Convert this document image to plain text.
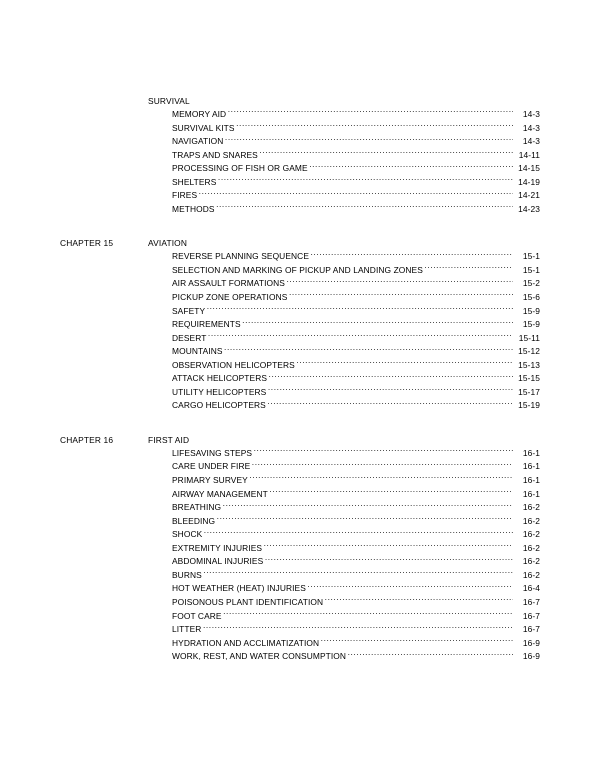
SURVIVAL
MEMORY AID .....	14-3
SURVIVAL KITS .....	14-3
NAVIGATION .....	14-3
TRAPS AND SNARES .....	14-11
PROCESSING OF FISH OR GAME .....	14-15
SHELTERS .....	14-19
FIRES .....	14-21
METHODS .....	14-23
CHAPTER 15	AVIATION
REVERSE PLANNING SEQUENCE .....	15-1
SELECTION AND MARKING OF PICKUP AND LANDING ZONES .....	15-1
AIR ASSAULT FORMATIONS .....	15-2
PICKUP ZONE OPERATIONS .....	15-6
SAFETY .....	15-9
REQUIREMENTS .....	15-9
DESERT .....	15-11
MOUNTAINS .....	15-12
OBSERVATION HELICOPTERS .....	15-13
ATTACK HELICOPTERS .....	15-15
UTILITY HELICOPTERS .....	15-17
CARGO HELICOPTERS .....	15-19
CHAPTER 16	FIRST AID
LIFESAVING STEPS .....	16-1
CARE UNDER FIRE .....	16-1
PRIMARY SURVEY .....	16-1
AIRWAY MANAGEMENT .....	16-1
BREATHING .....	16-2
BLEEDING .....	16-2
SHOCK .....	16-2
EXTREMITY INJURIES .....	16-2
ABDOMINAL INJURIES .....	16-2
BURNS .....	16-2
HOT WEATHER (HEAT) INJURIES .....	16-4
POISONOUS PLANT IDENTIFICATION .....	16-7
FOOT CARE .....	16-7
LITTER .....	16-7
HYDRATION AND ACCLIMATIZATION .....	16-9
WORK, REST, AND WATER CONSUMPTION .....	16-9
